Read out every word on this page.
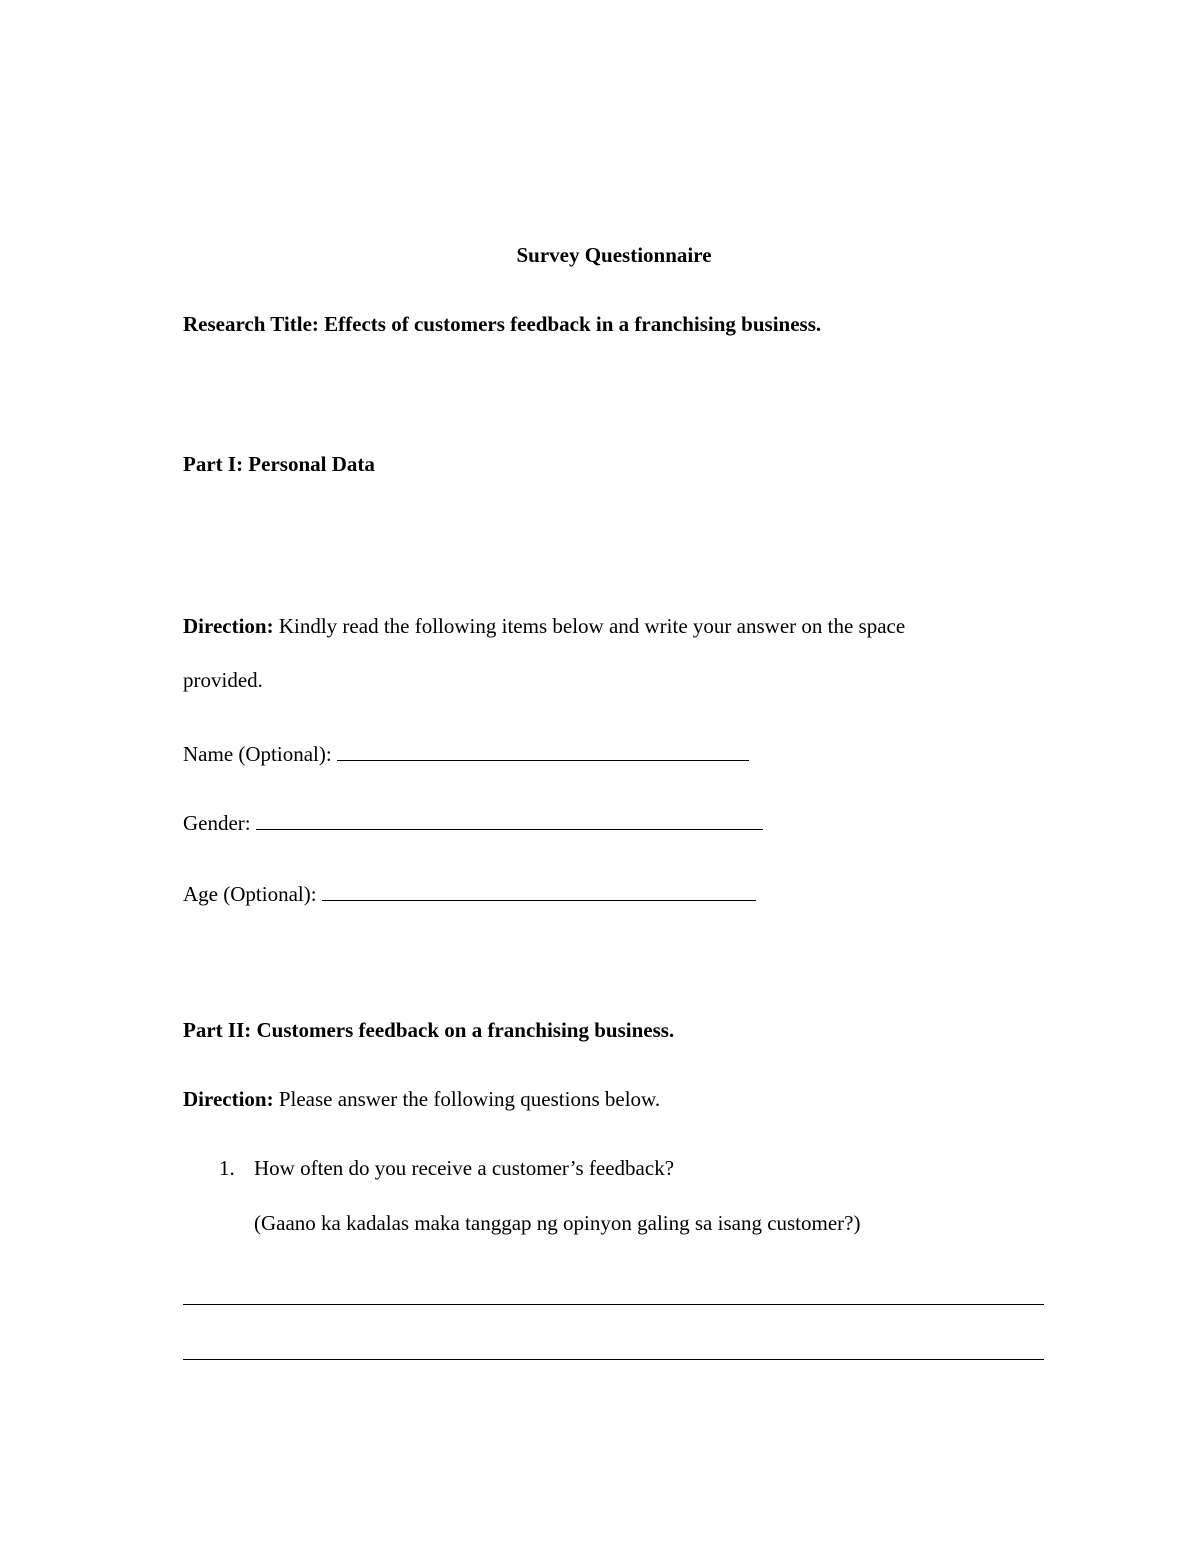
Survey Questionnaire
Research Title: Effects of customers feedback in a franchising business.
Part I: Personal Data
Direction: Kindly read the following items below and write your answer on the space
provided.
Name (Optional):
Gender:
Age (Optional):
Part II: Customers feedback on a franchising business.
Direction: Please answer the following questions below.
1. How often do you receive a customer’s feedback?
(Gaano ka kadalas maka tanggap ng opinyon galing sa isang customer?)
